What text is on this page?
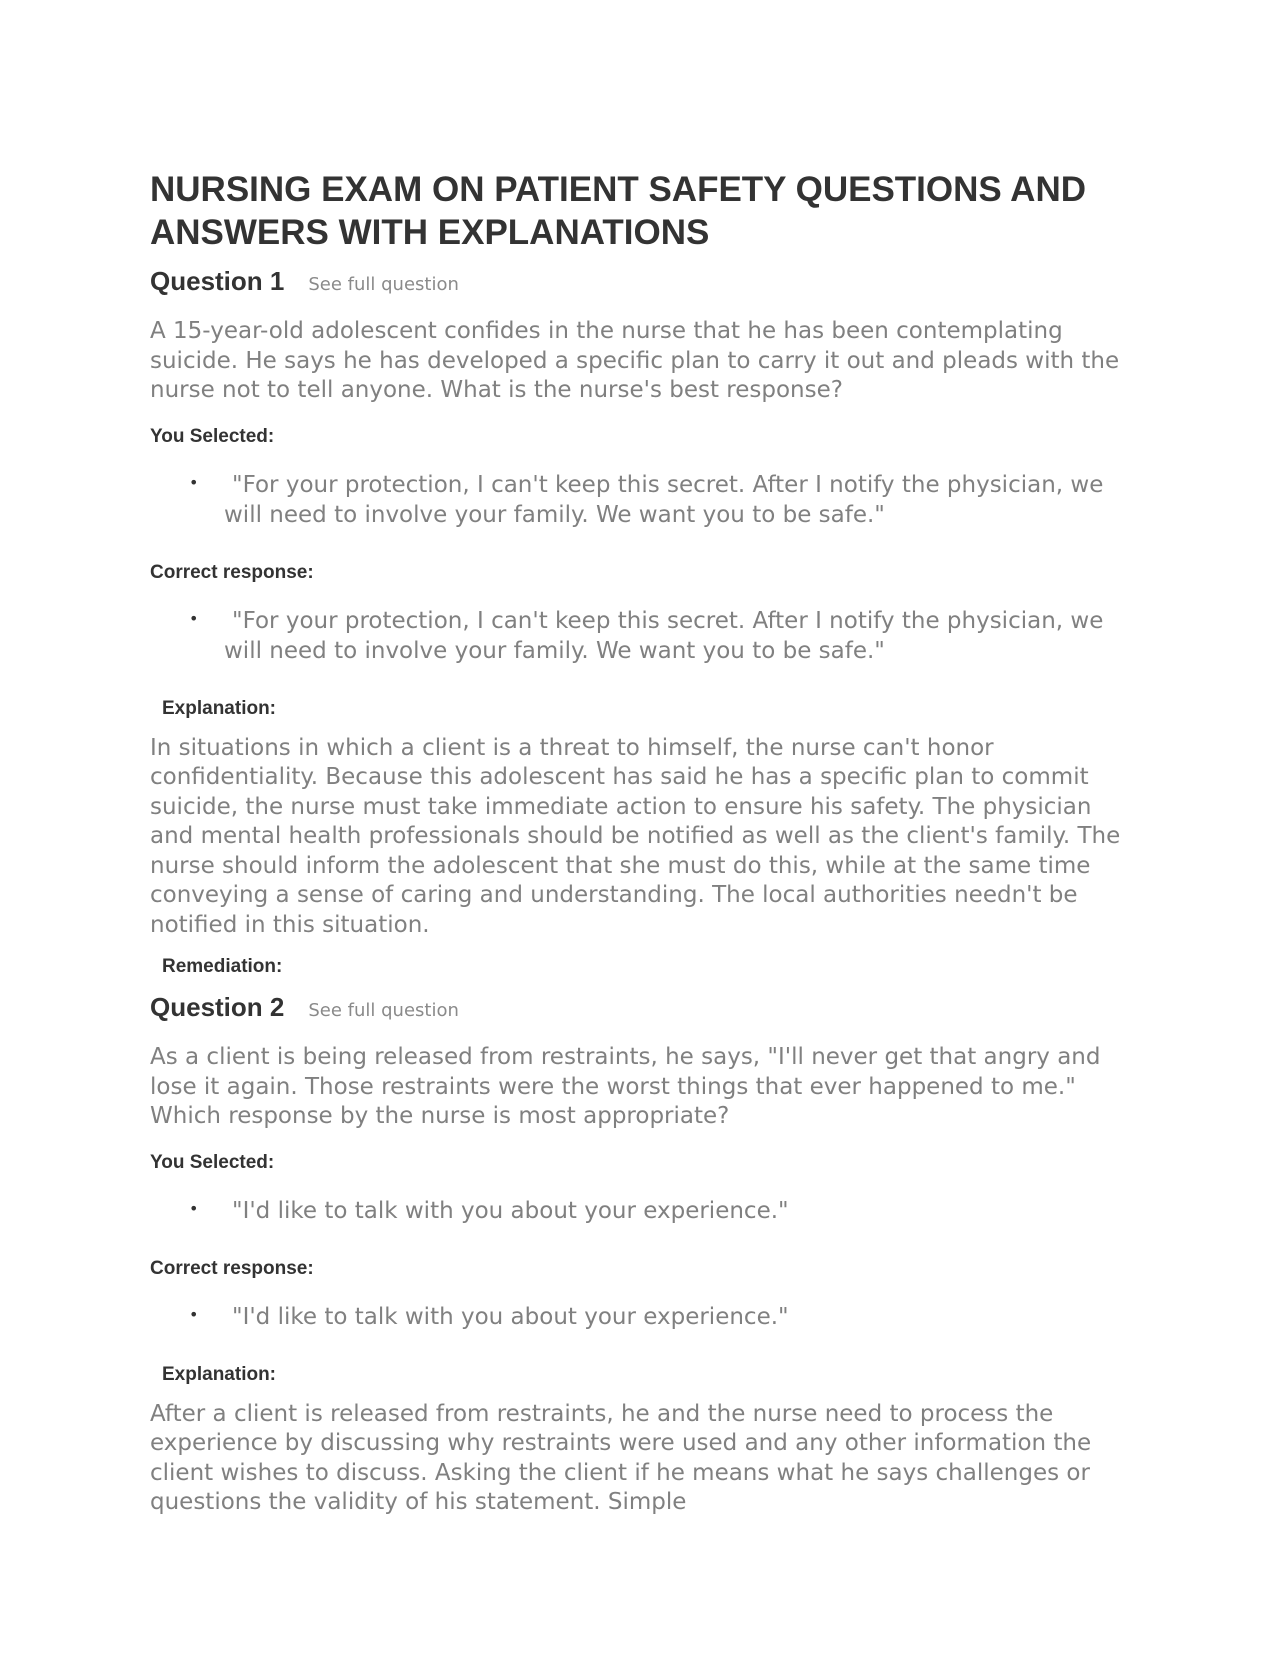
NURSING EXAM ON PATIENT SAFETY QUESTIONS AND ANSWERS WITH EXPLANATIONS
Question 1 See full question
A 15-year-old adolescent confides in the nurse that he has been contemplating suicide. He says he has developed a specific plan to carry it out and pleads with the nurse not to tell anyone. What is the nurse's best response?
You Selected:
•	"For your protection, I can't keep this secret. After I notify the physician, we will need to involve your family. We want you to be safe."
Correct response:
•	"For your protection, I can't keep this secret. After I notify the physician, we will need to involve your family. We want you to be safe."
Explanation:
In situations in which a client is a threat to himself, the nurse can't honor confidentiality. Because this adolescent has said he has a specific plan to commit suicide, the nurse must take immediate action to ensure his safety. The physician and mental health professionals should be notified as well as the client's family. The nurse should inform the adolescent that she must do this, while at the same time conveying a sense of caring and understanding. The local authorities needn't be notified in this situation.
Remediation:
Question 2 See full question
As a client is being released from restraints, he says, "I'll never get that angry and lose it again. Those restraints were the worst things that ever happened to me." Which response by the nurse is most appropriate?
You Selected:
•	"I'd like to talk with you about your experience."
Correct response:
•	"I'd like to talk with you about your experience."
Explanation:
After a client is released from restraints, he and the nurse need to process the experience by discussing why restraints were used and any other information the client wishes to discuss. Asking the client if he means what he says challenges or questions the validity of his statement. Simple
